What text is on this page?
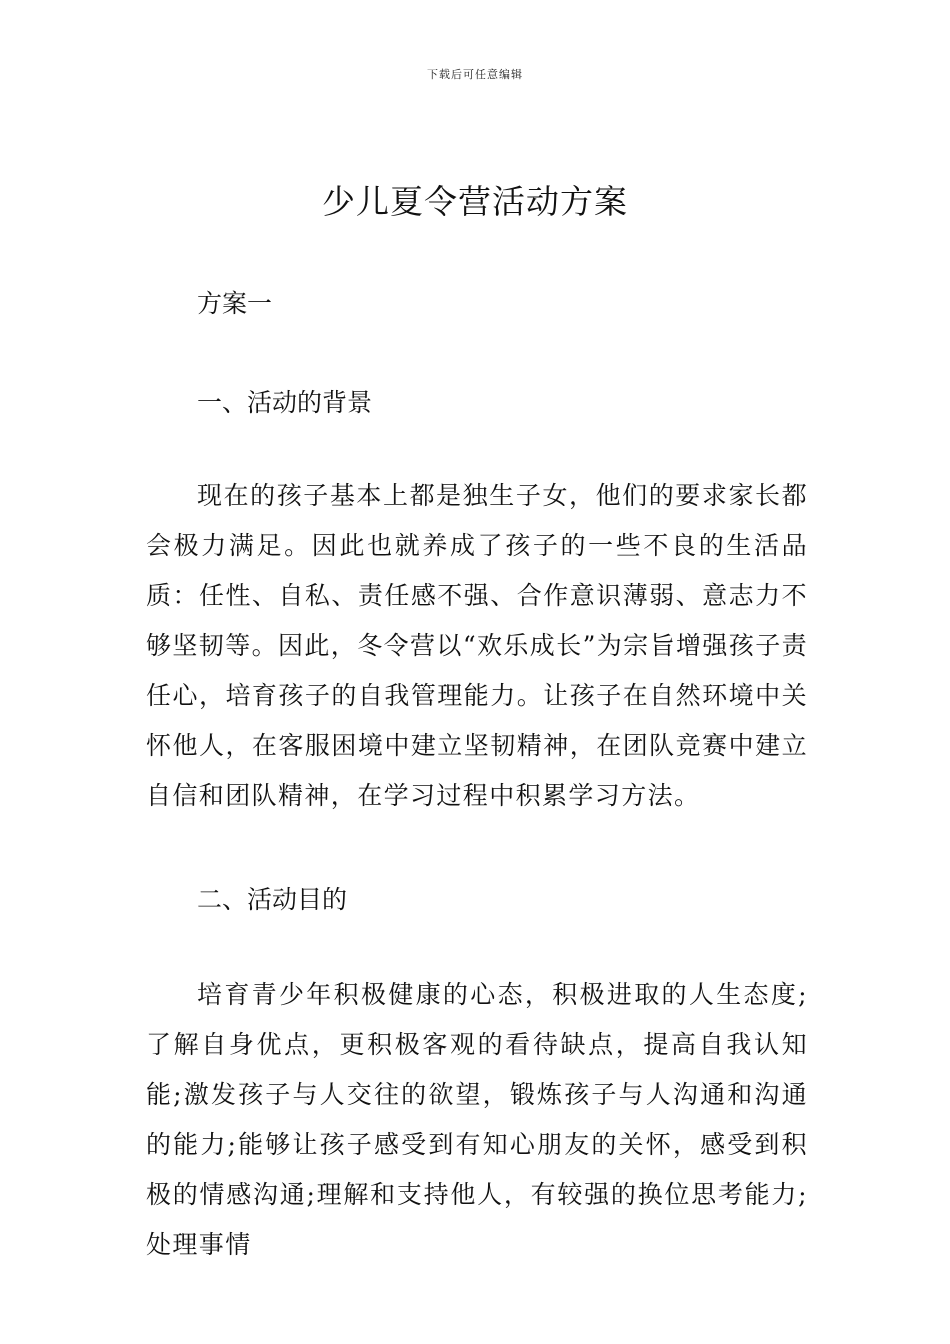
下载后可任意编辑
少儿夏令营活动方案

方案一

一、活动的背景

现在的孩子基本上都是独生子女，他们的要求家长都会极力满足。因此也就养成了孩子的一些不良的生活品质：任性、自私、责任感不强、合作意识薄弱、意志力不够坚韧等。因此，冬令营以“欢乐成长”为宗旨增强孩子责任心，培育孩子的自我管理能力。让孩子在自然环境中关怀他人，在客服困境中建立坚韧精神，在团队竞赛中建立自信和团队精神，在学习过程中积累学习方法。

二、活动目的

培育青少年积极健康的心态，积极进取的人生态度;了解自身优点，更积极客观的看待缺点，提高自我认知能;激发孩子与人交往的欲望，锻炼孩子与人沟通和沟通的能力;能够让孩子感受到有知心朋友的关怀，感受到积极的情感沟通;理解和支持他人，有较强的换位思考能力;处理事情
